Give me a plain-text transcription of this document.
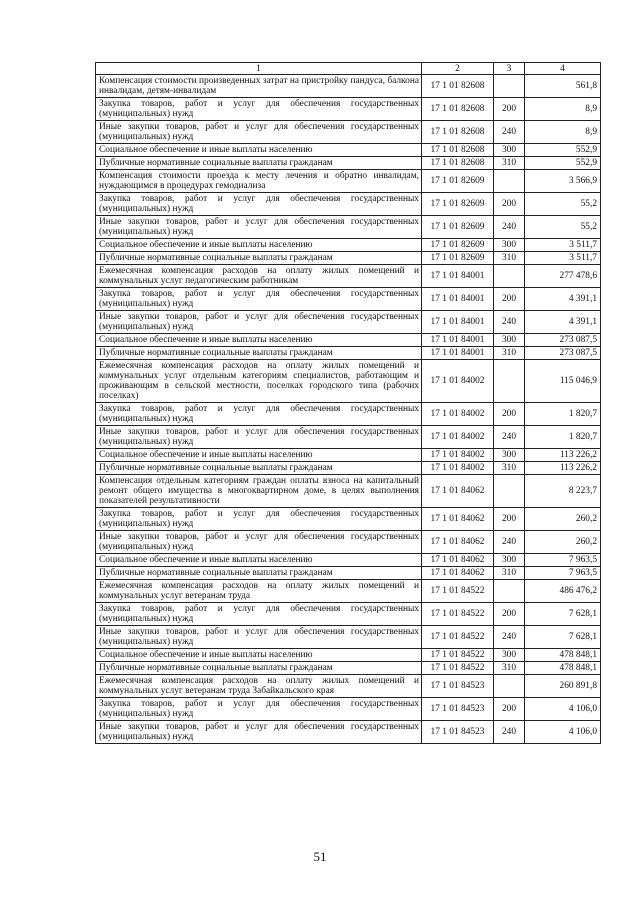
1	2	3	4
Компенсация стоимости произведенных затрат на пристройку пандуса, балкона инвалидам, детям-инвалидам	17 1 01 82608		561,8
Закупка товаров, работ и услуг для обеспечения государственных (муниципальных) нужд	17 1 01 82608	200	8,9
Иные закупки товаров, работ и услуг для обеспечения государственных (муниципальных) нужд	17 1 01 82608	240	8,9
Социальное обеспечение и иные выплаты населению	17 1 01 82608	300	552,9
Публичные нормативные социальные выплаты гражданам	17 1 01 82608	310	552,9
Компенсация стоимости проезда к месту лечения и обратно инвалидам, нуждающимся в процедурах гемодиализа	17 1 01 82609		3 566,9
Закупка товаров, работ и услуг для обеспечения государственных (муниципальных) нужд	17 1 01 82609	200	55,2
Иные закупки товаров, работ и услуг для обеспечения государственных (муниципальных) нужд	17 1 01 82609	240	55,2
Социальное обеспечение и иные выплаты населению	17 1 01 82609	300	3 511,7
Публичные нормативные социальные выплаты гражданам	17 1 01 82609	310	3 511,7
Ежемесячная компенсация расходов на оплату жилых помещений и коммунальных услуг педагогическим работникам	17 1 01 84001		277 478,6
Закупка товаров, работ и услуг для обеспечения государственных (муниципальных) нужд	17 1 01 84001	200	4 391,1
Иные закупки товаров, работ и услуг для обеспечения государственных (муниципальных) нужд	17 1 01 84001	240	4 391,1
Социальное обеспечение и иные выплаты населению	17 1 01 84001	300	273 087,5
Публичные нормативные социальные выплаты гражданам	17 1 01 84001	310	273 087,5
Ежемесячная компенсация расходов на оплату жилых помещений и коммунальных услуг отдельным категориям специалистов, работающим и проживающим в сельской местности, поселках городского типа (рабочих поселках)	17 1 01 84002		115 046,9
Закупка товаров, работ и услуг для обеспечения государственных (муниципальных) нужд	17 1 01 84002	200	1 820,7
Иные закупки товаров, работ и услуг для обеспечения государственных (муниципальных) нужд	17 1 01 84002	240	1 820,7
Социальное обеспечение и иные выплаты населению	17 1 01 84002	300	113 226,2
Публичные нормативные социальные выплаты гражданам	17 1 01 84002	310	113 226,2
Компенсация отдельным категориям граждан оплаты взноса на капитальный ремонт общего имущества в многоквартирном доме, в целях выполнения показателей результативности	17 1 01 84062		8 223,7
Закупка товаров, работ и услуг для обеспечения государственных (муниципальных) нужд	17 1 01 84062	200	260,2
Иные закупки товаров, работ и услуг для обеспечения государственных (муниципальных) нужд	17 1 01 84062	240	260,2
Социальное обеспечение и иные выплаты населению	17 1 01 84062	300	7 963,5
Публичные нормативные социальные выплаты гражданам	17 1 01 84062	310	7 963,5
Ежемесячная компенсация расходов на оплату жилых помещений и коммунальных услуг ветеранам труда	17 1 01 84522		486 476,2
Закупка товаров, работ и услуг для обеспечения государственных (муниципальных) нужд	17 1 01 84522	200	7 628,1
Иные закупки товаров, работ и услуг для обеспечения государственных (муниципальных) нужд	17 1 01 84522	240	7 628,1
Социальное обеспечение и иные выплаты населению	17 1 01 84522	300	478 848,1
Публичные нормативные социальные выплаты гражданам	17 1 01 84522	310	478 848,1
Ежемесячная компенсация расходов на оплату жилых помещений и коммунальных услуг ветеранам труда Забайкальского края	17 1 01 84523		260 891,8
Закупка товаров, работ и услуг для обеспечения государственных (муниципальных) нужд	17 1 01 84523	200	4 106,0
Иные закупки товаров, работ и услуг для обеспечения государственных (муниципальных) нужд	17 1 01 84523	240	4 106,0
51
